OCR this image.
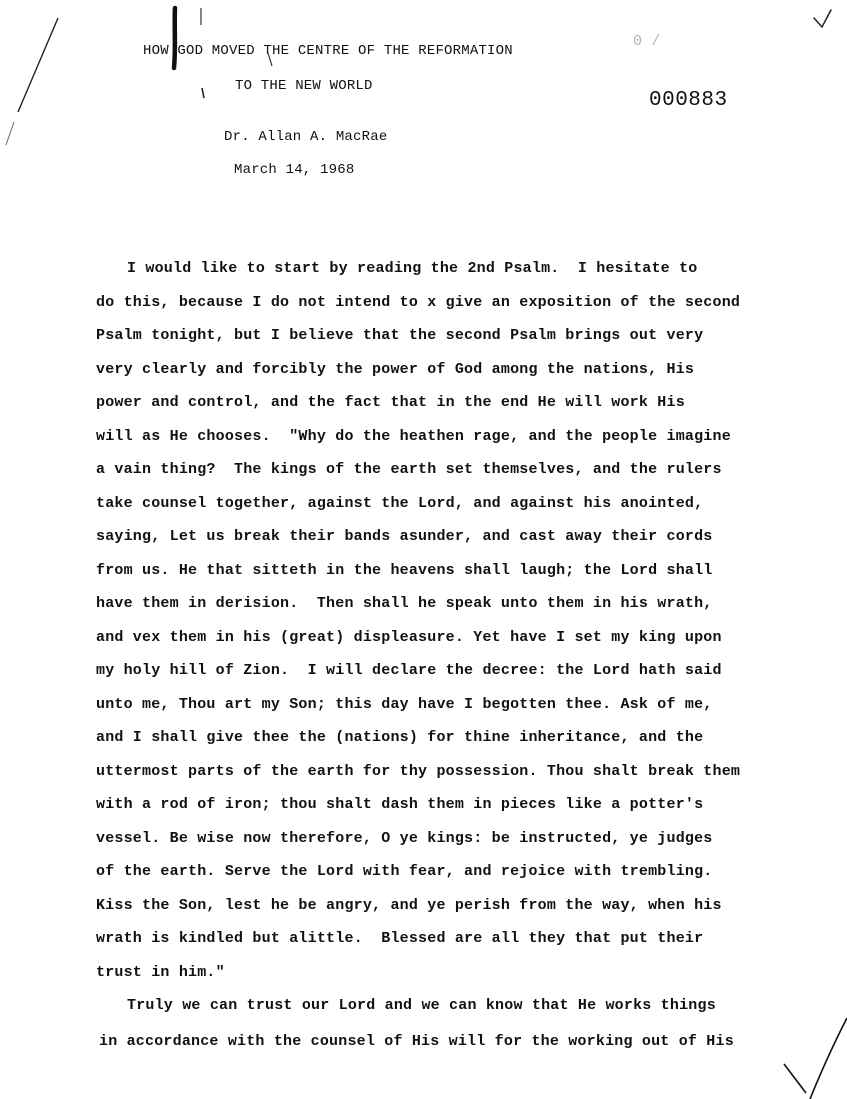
HOW GOD MOVED THE CENTRE OF THE REFORMATION
TO THE NEW WORLD
Dr. Allan A. MacRae
March 14, 1968
000883
0 /
I would like to start by reading the 2nd Psalm.  I hesitate to
do this, because I do not intend to x give an exposition of the second
Psalm tonight, but I believe that the second Psalm brings out very
very clearly and forcibly the power of God among the nations, His
power and control, and the fact that in the end He will work His
will as He chooses.  "Why do the heathen rage, and the people imagine
a vain thing?  The kings of the earth set themselves, and the rulers
take counsel together, against the Lord, and against his anointed,
saying, Let us break their bands asunder, and cast away their cords
from us. He that sitteth in the heavens shall laugh; the Lord shall
have them in derision.  Then shall he speak unto them in his wrath,
and vex them in his (great) displeasure. Yet have I set my king upon
my holy hill of Zion.  I will declare the decree: the Lord hath said
unto me, Thou art my Son; this day have I begotten thee. Ask of me,
and I shall give thee the (nations) for thine inheritance, and the
uttermost parts of the earth for thy possession. Thou shalt break them
with a rod of iron; thou shalt dash them in pieces like a potter's
vessel. Be wise now therefore, O ye kings: be instructed, ye judges
of the earth. Serve the Lord with fear, and rejoice with trembling.
Kiss the Son, lest he be angry, and ye perish from the way, when his
wrath is kindled but alittle.  Blessed are all they that put their
trust in him."
Truly we can trust our Lord and we can know that He works things
in accordance with the counsel of His will for the working out of His
